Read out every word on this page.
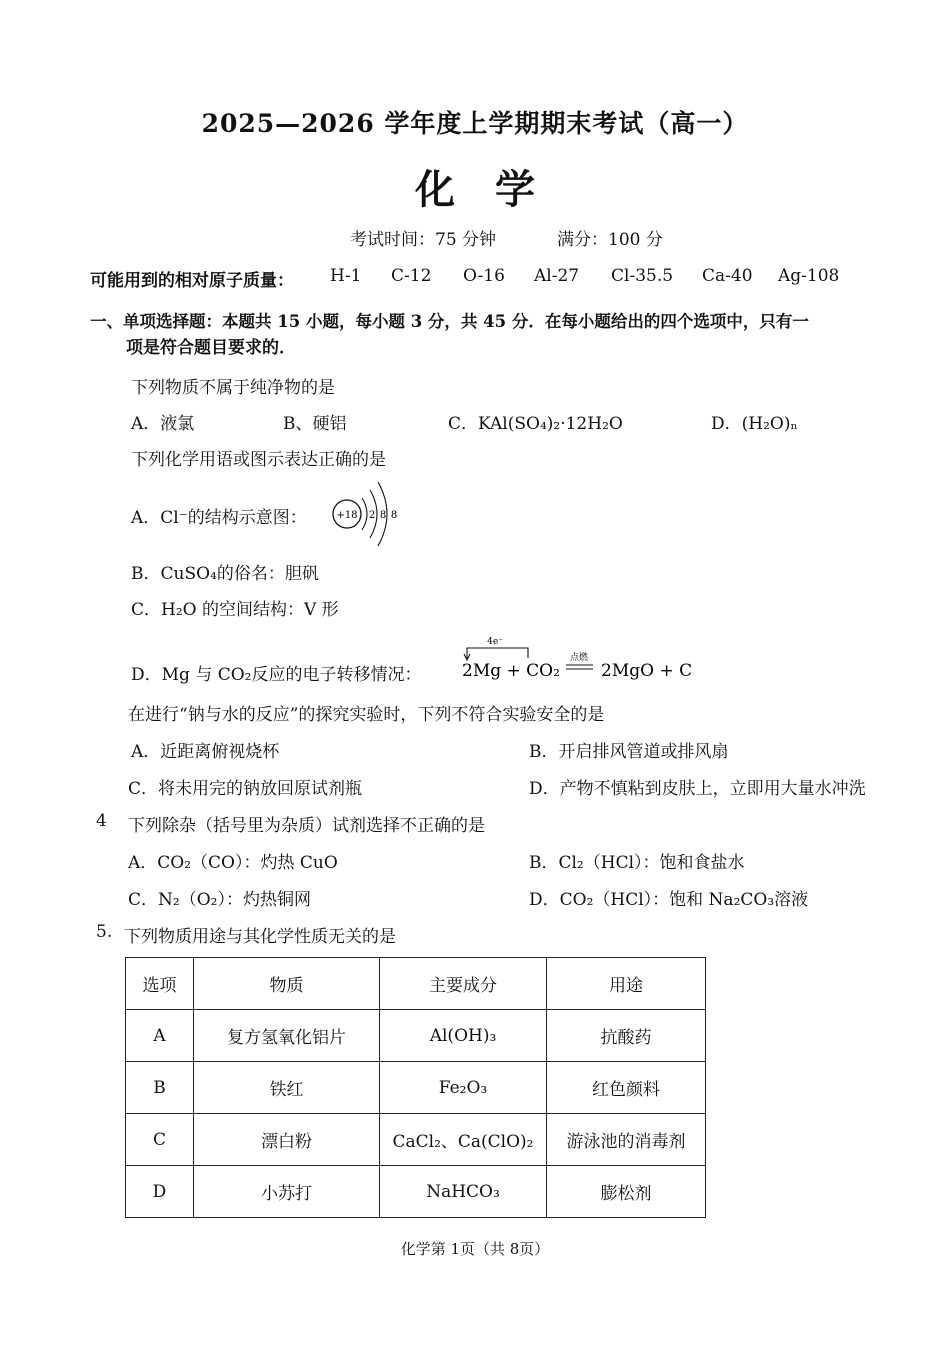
2025—2026 学年度上学期期末考试（高一）
化学
考试时间：75 分钟	满分：100 分
可能用到的相对原子质量： H-1 C-12 O-16 Al-27 Cl-35.5 Ca-40 Ag-108
一、单项选择题：本题共 15 小题，每小题 3 分，共 45 分．在每小题给出的四个选项中，只有一
项是符合题目要求的．
下列物质不属于纯净物的是
A．液氯	B、硬铝	C．KAl(SO₄)₂·12H₂O	D．(H₂O)ₙ
下列化学用语或图示表达正确的是
A．Cl⁻的结构示意图：	+18 2 8 8
B．CuSO₄的俗名：胆矾
C．H₂O 的空间结构：V 形
D．Mg 与 CO₂反应的电子转移情况：
4e⁻
2Mg + CO₂
点燃
2MgO + C
在进行“钠与水的反应”的探究实验时，下列不符合实验安全的是
A．近距离俯视烧杯	B．开启排风管道或排风扇
C．将未用完的钠放回原试剂瓶	D．产物不慎粘到皮肤上，立即用大量水冲洗
4 下列除杂（括号里为杂质）试剂选择不正确的是
A．CO₂（CO）：灼热 CuO	B．Cl₂（HCl）：饱和食盐水
C．N₂（O₂）：灼热铜网	D．CO₂（HCl）：饱和 Na₂CO₃溶液
5. 下列物质用途与其化学性质无关的是
选项	物质	主要成分	用途
A	复方氢氧化铝片	Al(OH)₃	抗酸药
B	铁红	Fe₂O₃	红色颜料
C	漂白粉	CaCl₂、Ca(ClO)₂	游泳池的消毒剂
D	小苏打	NaHCO₃	膨松剂
化学第 1页（共 8页）
